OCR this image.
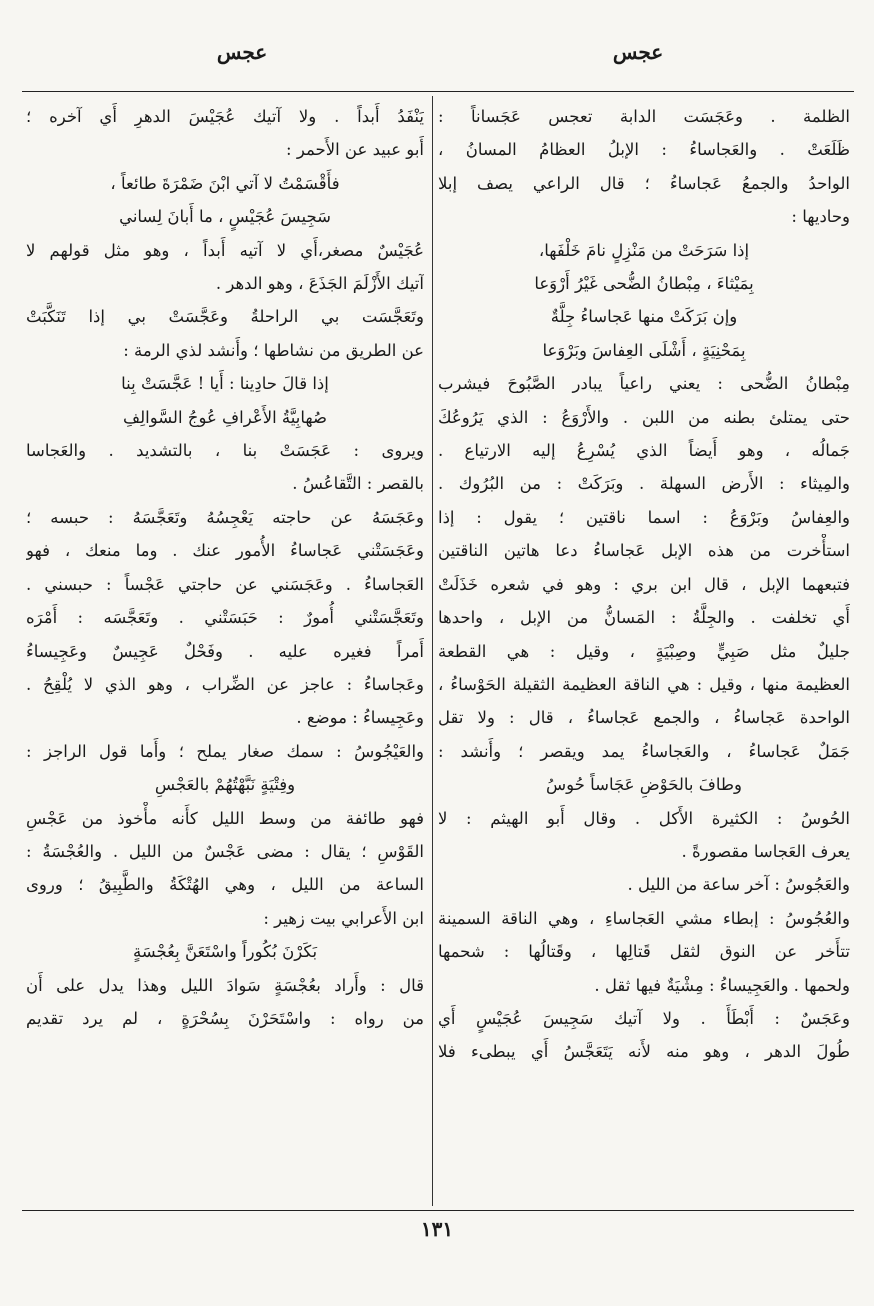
عجس
عجس
الظلمة . وعَجَسَت الدابة تعجس عَجَساناً :
ظَلَعَتْ . والعَجاساءُ : الإبلُ العظامُ المسانُ ،
الواحدُ والجمعُ عَجاساءُ ؛ قال الراعي يصف إبلا
وحاديها :
إذا سَرَحَتْ من مَنْزِلٍ نامَ خَلْفَها،
بِمَيْثاءَ ، مِبْطانُ الضُّحى غَيْرُ أَرْوَعا
وإن بَرَكَتْ منها عَجاساءُ جِلَّةٌ
بِمَحْنِيَةٍ ، أَشْلَى العِفاسَ وبَرْوَعا
مِبْطانُ الضُّحى : يعني راعياً يبادر الصَّبُوحَ فيشرب
حتى يمتلئ بطنه من اللبن . والأَرْوَعُ : الذي يَرُوعُكَ
جَمالُه ، وهو أَيضاً الذي يُسْرِعُ إليه الارتياع .
والمِيثاء : الأَرض السهلة . وبَرَكَتْ : من البُرُوك .
والعِفاسُ وبَرْوَعُ : اسما ناقتين ؛ يقول : إذا
استأْخرت من هذه الإبل عَجاساءُ دعا هاتين الناقتين
فتبعهما الإبل ، قال ابن بري : وهو في شعره خَذَلَتْ
أَي تخلفت . والجِلَّةُ : المَسانُّ من الإبل ، واحدها
جليلٌ مثل صَبِيٍّ وصِبْيَةٍ ، وقيل : هي القطعة
العظيمة منها ، وقيل : هي الناقة العظيمة الثقيلة الحَوْساءُ ،
الواحدة عَجاساءُ ، والجمع عَجاساءُ ، قال : ولا تقل
جَمَلٌ عَجاساءُ ، والعَجاساءُ يمد ويقصر ؛ وأَنشد :
وطافَ بالحَوْضِ عَجَاساً حُوسُ
الحُوسُ : الكثيرة الأَكل . وقال أَبو الهيثم : لا
يعرف العَجاسا مقصورةً .
والعَجُوسُ : آخر ساعة من الليل .
والعُجُوسُ : إبطاء مشي العَجاساءِ ، وهي الناقة السمينة
تتأَخر عن النوق لثقل قَتالِها ، وقَتالُها : شحمها
ولحمها . والعَجِيساءُ : مِشْيَةٌ فيها ثقل .
وعَجَسٌ : أَبْطَأَ . ولا آتيك سَجِيسَ عُجَيْسٍ أَي
طُولَ الدهر ، وهو منه لأَنه يَتَعَجَّسُ أَي يبطىء فلا
يَنْفَدُ أَبداً . ولا آتيك عُجَيْسَ الدهرِ أَي آخره ؛
أَبو عبيد عن الأَحمر :
فأَقْسَمْتُ لا آتي ابْنَ ضَمْرَةَ طائعاً ،
سَجِيسَ عُجَيْسٍ ، ما أَبانَ لِساني
عُجَيْسٌ مصغر،أَي لا آتيه أَبداً ، وهو مثل قولهم لا
آتيك الأَزْلَمَ الجَذَعَ ، وهو الدهر .
وتَعَجَّسَت بي الراحلةُ وعَجَّسَتْ بي إذا تَنَكَّبَتْ
عن الطريق من نشاطها ؛ وأَنشد لذي الرمة :
إذا قالَ حادِينا : أَيا ! عَجَّسَتْ بِنا
صُهابِيَّةُ الأَعْرافِ عُوجُ السَّوالِفِ
ويروى : عَجَسَتْ بنا ، بالتشديد . والعَجاسا
بالقصر : التَّقاعُسُ .
وعَجَسَهُ عن حاجته يَعْجِسُهُ وتَعَجَّسَهُ : حبسه ؛
وعَجَسَتْني عَجاساءُ الأُمور عنك . وما منعك ، فهو
العَجاساءُ . وعَجَسَني عن حاجتي عَجْساً : حبسني .
وتَعَجَّسَتْني أُمورٌ : حَبَسَتْني . وتَعَجَّسَه : أَمْرَه
أَمراً فغيره عليه . وفَحْلٌ عَجِيسٌ وعَجِيساءُ
وعَجاساءُ : عاجز عن الضِّراب ، وهو الذي لا يُلْقِحُ .
وعَجِيساءُ : موضع .
والعَيْجُوسُ : سمك صغار يملح ؛ وأَما قول الراجز :
وفِتْيَةٍ نَبَّهْتُهُمْ بالعَجْسِ
فهو طائفة من وسط الليل كأَنه مأْخوذ من عَجْسِ
القَوْسِ ؛ يقال : مضى عَجْسٌ من الليل . والعُجْسَةُ :
الساعة من الليل ، وهي الهُتْكَةُ والطَّبِيقُ ؛ وروى
ابن الأَعرابي بيت زهير :
بَكَرْنَ بُكُوراً واسْتَعَنَّ بِعُجْسَةٍ
قال : وأَراد بعُجْسَةٍ سَوادَ الليل وهذا يدل على أَن
من رواه : واسْتَحَرْنَ بِسُحْرَةٍ ، لم يرد تقديم
١٣١
